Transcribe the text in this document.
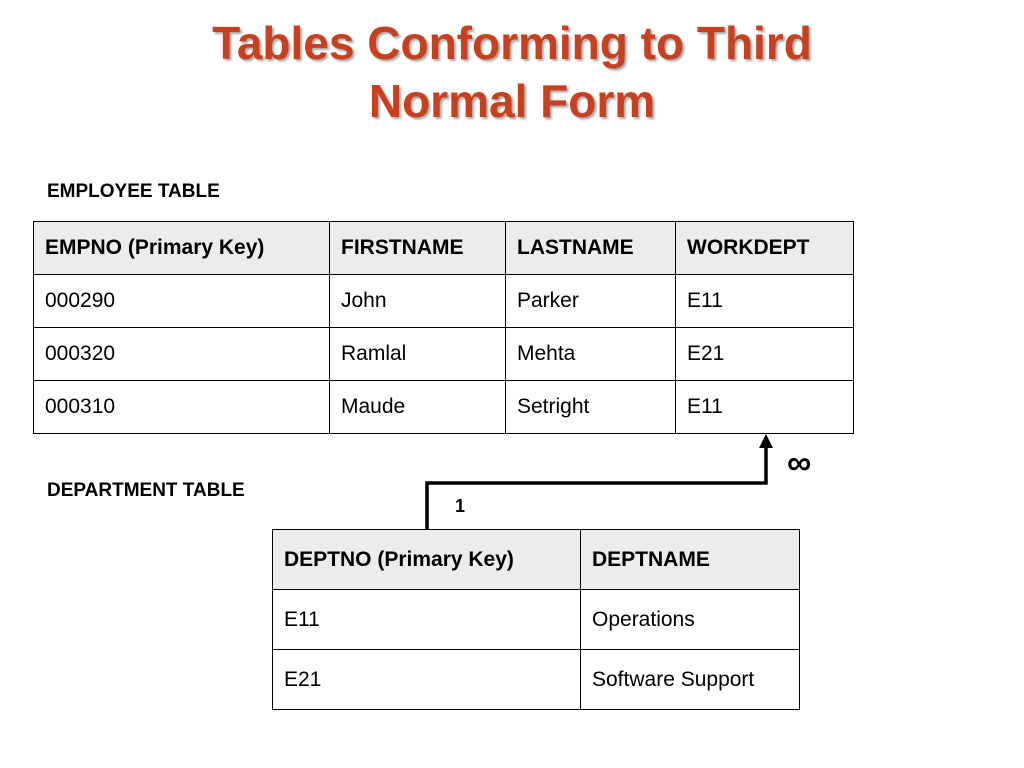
Tables Conforming to Third
Normal Form
EMPLOYEE TABLE
EMPNO (Primary Key)	FIRSTNAME	LASTNAME	WORKDEPT
000290	John	Parker	E11
000320	Ramlal	Mehta	E21
000310	Maude	Setright	E11
DEPARTMENT TABLE
1
∞
DEPTNO (Primary Key)	DEPTNAME
E11	Operations
E21	Software Support
